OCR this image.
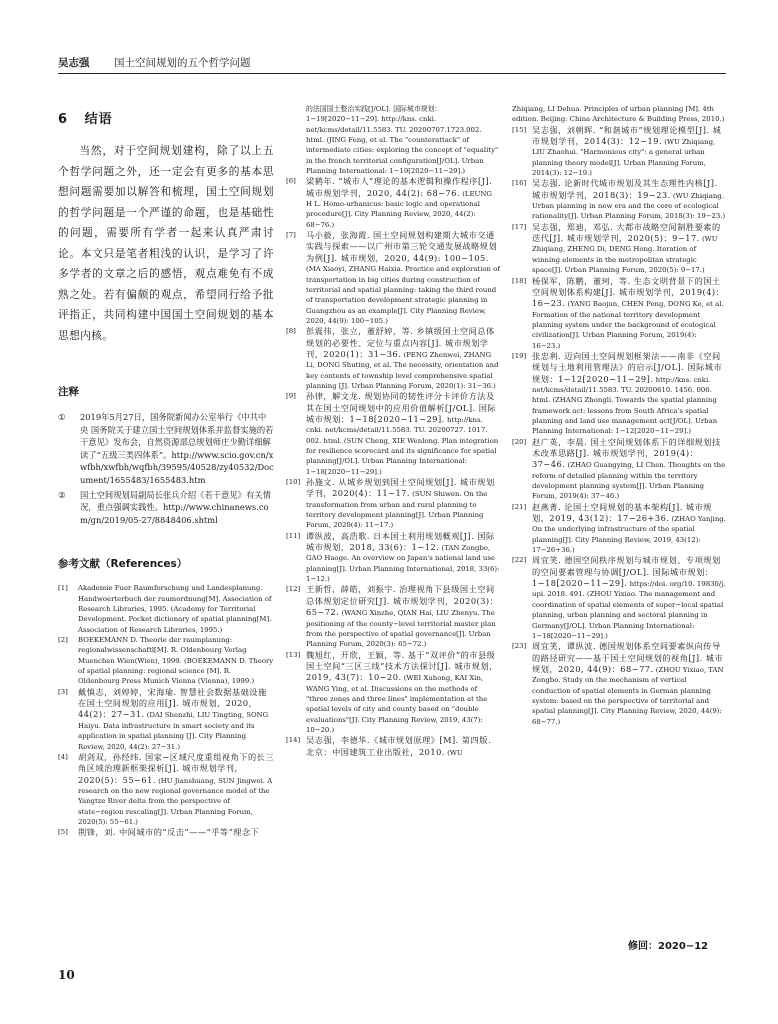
吴志强 国土空间规划的五个哲学问题
6 结语

当然，对于空间规划建构，除了以上五个哲学问题之外，还一定会有更多的基本思想问题需要加以解答和梳理，国土空间规划的哲学问题是一个严谨的命题，也是基础性的问题，需要所有学者一起来认真严肃讨论。本文只是笔者粗浅的认识，是学习了许多学者的文章之后的感悟，观点难免有不成熟之处。若有偏颇的观点，希望同行给予批评指正，共同构建中国国土空间规划的基本思想内核。

注释
①	2019年5月27日，国务院新闻办公室举行《中共中央 国务院关于建立国土空间规划体系并监督实施的若干意见》发布会，自然资源部总规划师庄少勤详细解读了“五级三类四体系”。http://www.scio.gov.cn/xwfbh/xwfbh/wqfbh/39595/40528/zy40532/Document/1655483/1655483.htm
②	国土空间规划局副局长张兵介绍《若干意见》有关情况，重点强调实践性。http://www.chinanews.com/gn/2019/05-27/8848406.shtml
参考文献（References）
[1]	Akademie Fuer Raumforschung und Landesplanung. Handwoerterbuch der raumordnung[M]. Association of Research Libraries, 1995. (Academy for Territorial Development. Pocket dictionary of spatial planning[M]. Association of Research Libraries, 1995.)
[2]	BOEKEMANN D. Theorie der raumplanung: regionalwissenschaftl[M]. R. Oldenbourg Verlag Muenchen Wien(Wien), 1999. (BOEKEMANN D. Theory of spatial planning: regional science [M]. R. Oldenbourg Press Munich Vienna (Vienna), 1999.)
[3]	戴慎志，刘婷婷，宋海瑜. 智慧社会数据基础设施在国土空间规划的应用[J]. 城市规划，2020，44(2)：27−31. (DAI Shenzhi, LIU Tingting, SONG Haiyu. Data infrastructure in smart society and its application in spatial planning [J]. City Planning Review, 2020, 44(2): 27−31.)
[4]	胡剑双，孙经纬. 国家−区域尺度重组视角下的长三角区域治理新框架探析[J]. 城市规划学刊，2020(5)：55−61. (HU Jianshuang, SUN Jingwei. A research on the new regional governance model of the Yangtze River delta from the perspective of state−region rescaling[J]. Urban Planning Forum, 2020(5): 55−61.)
[5]	荆锋，刘. 中间城市的“反击”——“乎等”理念下
的法国国土整治实践[J/OL]. 国际城市规划：1−19[2020−11−29]. http://kns. cnki. net/kcms/detail/11.5583. TU. 20200707.1723.002. html. (JING Feng, et al. The "counterattack" of intermediate cities: exploring the concept of "equality" in the french territorial configuration[J/OL]. Urban Planning International: 1−19[2020−11−29].)
[6]	梁鹤年. “城市人”理论的基本逻辑和操作程序[J]. 城市规划学刊，2020, 44(2): 68−76. (LEUNG H L. Homo-urbanicus: basic logic and operational procedure[J]. City Planning Review, 2020, 44(2): 68−76.)
[7]	马小毅，张海霞. 国土空间规划构建期大城市交通实践与探索——以广州市第三轮交通发展战略规划为例[J]. 城市规划，2020, 44(9): 100−105. (MA Xiaoyi, ZHANG Haixia. Practice and exploration of transportation in big cities during construction of territorial and spatial planning: taking the third round of transportation development strategic planning in Guangzhou as an example[J]. City Planning Review, 2020, 44(9): 100−105.)
[8]	彭震伟，张立，董舒婷，等. 乡镇级国土空间总体规划的必要性、定位与重点内容[J]. 城市规划学刊，2020(1)：31−36. (PENG Zhenwei, ZHANG Li, DONG Shuting, et al. The necessity, orientation and key contents of township level comprehensive spatial planning [J]. Urban Planning Forum, 2020(1): 31−36.)
[9]	孙律，解文龙. 规划协同的韧性评分卡评价方法及其在国土空间规划中的应用价值解析[J/OL]. 国际城市规划：1−18[2020−11−29]. http://kns. cnki. net/kcms/detail/11.5583. TU. 20200727. 1017. 002. html. (SUN Cheng, XIE Wenlong. Plan integration for resilience scorecard and its significance for spatial planning[J/OL]. Urban Planning International: 1−18[2020−11−29].)
[10] 孙施文. 从城乡规划到国土空间规划[J]. 城市规划学刊，2020(4)：11−17. (SUN Shiwen. On the transformation from urban and rural planning to territory development planning[J]. Urban Planning Forum, 2020(4): 11−17.)
[11] 谭纵波，高浩歌. 日本国土利用规划概观[J]. 国际城市规划，2018, 33(6)：1−12. (TAN Zongbo, GAO Haoge. An overview on Japan's national land use planning[J]. Urban Planning International, 2018, 33(6): 1−12.)
[12] 王新哲，薛皓，刘振宇. 治理视角下县级国土空间总体规划定位研究[J]. 城市规划学刊，2020(3)：65−72. (WANG Xinzhe, QIAN Hai, LIU Zhenyu. The positioning of the county−level territorial master plan from the perspective of spatial governance[J]. Urban Planning Forum, 2020(3): 65−72.)
[13] 魏旭红，开欣，王颖，等. 基于“双评价”的市县级国土空间“三区三线”技术方法探讨[J]. 城市规划，2019, 43(7)：10−20. (WEI Xuhong, KAI Xin, WANG Ying, et al. Discussions on the methods of "three zones and three lines" implementation at the spatial levels of city and county based on "double evaluations"[J]. City Planning Review, 2019, 43(7): 10−20.)
[14] 吴志强，李德华.《城市规划原理》[M]. 第四版. 北京：中国建筑工业出版社，2010. (WU
Zhiqiang, LI Dehua. Principles of urban planning [M]. 4th edition. Beijing: China Architecture & Building Press, 2010.)
[15] 吴志强，刘朝晖. “和谐城市”规划理论模型[J]. 城市规划学刊，2014(3)：12−19. (WU Zhiqiang, LIU Zhaohui. "Harmonious city": a general urban planning theory model[J]. Urban Planning Forum, 2014(3): 12−19.)
[16] 吴志强. 论新时代城市规划及其生态理性内核[J]. 城市规划学刊，2018(3)：19−23. (WU Zhiqiang. Urban planning in new era and the core of ecological rationality[J]. Urban Planning Forum, 2018(3): 19−23.)
[17] 吴志强，郑迪，邓弘. 大都市战略空间制胜要素的迭代[J]. 城市规划学刊，2020(5)：9−17. (WU Zhiqiang, ZHENG Di, DENG Hong. Iteration of winning elements in the metropolitan strategic space[J]. Urban Planning Forum, 2020(5): 9−17.)
[18] 杨保军，陈鹏，董珂，等. 生态文明背景下的国土空间规划体系构建[J]. 城市规划学刊，2019(4)：16−23. (YANG Baojun, CHEN Peng, DONG Ke, et al. Formation of the national territory development planning system under the background of ecological civilization[J]. Urban Planning Forum, 2019(4): 16−23.)
[19] 张忠利. 迈向国土空间规划框架法——南非《空间规划与土地利用管理法》的启示[J/OL]. 国际城市规划：1−12[2020−11−29]. http://kns. cnki. net/kcms/detail/11.5583. TU. 20200610. 1456. 006. html. (ZHANG Zhongli. Towards the spatial planning framework act: lessons from South Africa's spatial planning and land use management act[J/OL]. Urban Planning International: 1−12[2020−11−29].)
[20] 赵广英，李晨. 国土空间规划体系下的详细规划技术改革思路[J]. 城市规划学刊，2019(4)：37−46. (ZHAO Guangying, LI Chen. Thoughts on the reform of detailed planning within the territory development planning system[J]. Urban Planning Forum, 2019(4): 37−46.)
[21] 赵燕菁. 论国土空间规划的基本架构[J]. 城市规划，2019, 43(12)：17−26+36. (ZHAO Yanjing. On the underlying infrastructure of the spatial planning[J]. City Planning Review, 2019, 43(12): 17−26+36.)
[22] 周宜笑. 德国空间秩序规划与城市规划、专项规划的空间要素管理与协调[J/OL]. 国际城市规划：1−18[2020−11−29]. https://doi. org/10. 19830/j. upi. 2018. 491. (ZHOU Yixiao. The management and coordination of spatial elements of super−local spatial planning, urban planning and sectoral planning in Germany[J/OL]. Urban Planning International: 1−18[2020−11−29].)
[23] 周宜笑，谭纵波. 德国规划体系空间要素纵向传导的路径研究——基于国土空间规划的视角[J]. 城市规划，2020, 44(9)：68−77. (ZHOU Yixiao, TAN Zongbo. Study on the mechanism of vertical conduction of spatial elements in German planning system: based on the perspective of territorial and spatial planning[J]. City Planning Review, 2020, 44(9): 68−77.)
修回：2020−12
10
